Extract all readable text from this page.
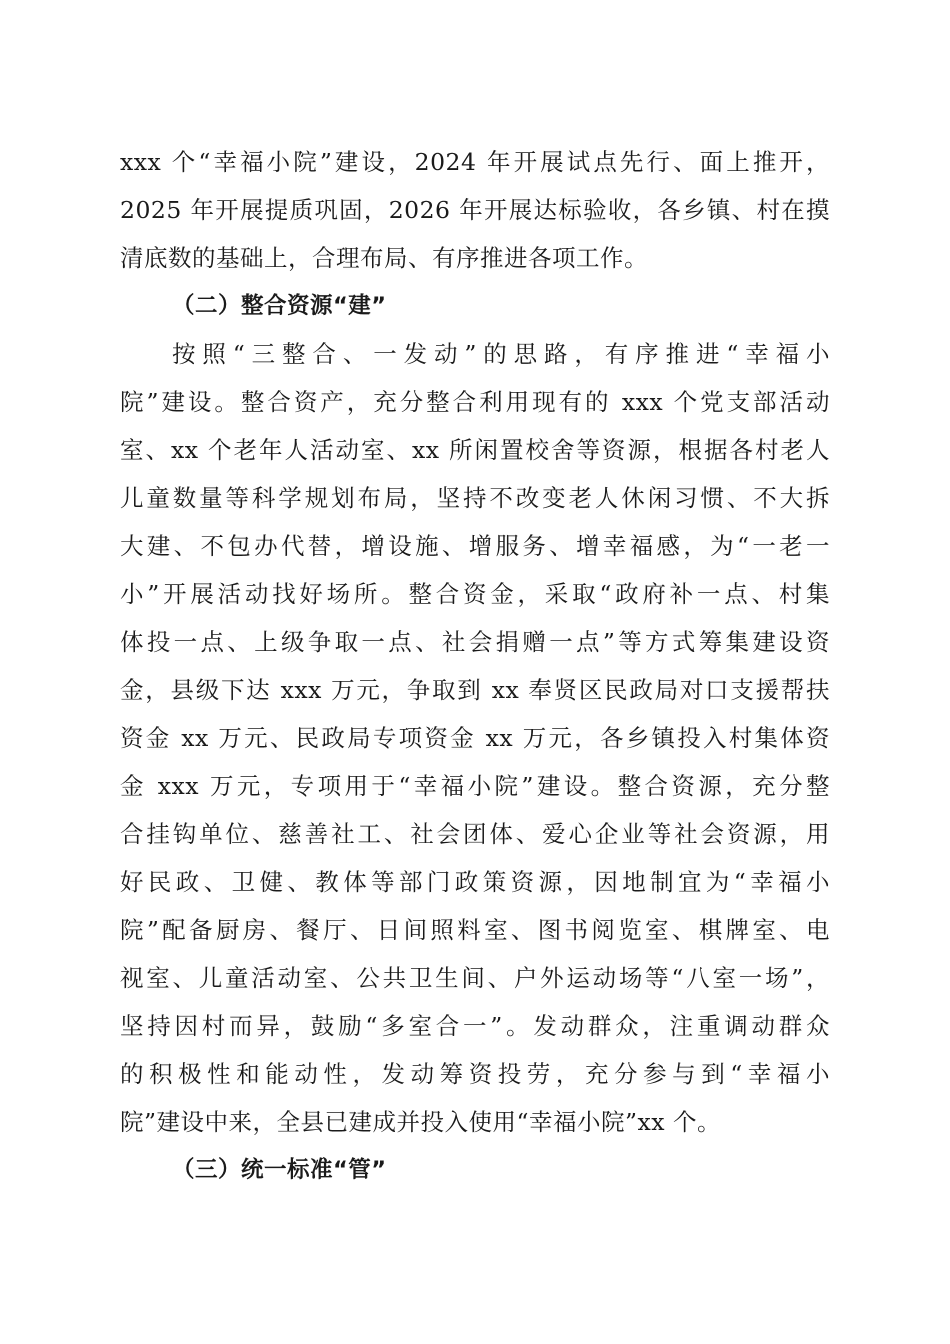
xxx 个“幸福小院”建设，2024 年开展试点先行、面上推开，
2025 年开展提质巩固，2026 年开展达标验收，各乡镇、村在摸
清底数的基础上，合理布局、有序推进各项工作。
（二）整合资源“建”
按照“三整合、一发动”的思路，有序推进“幸福小
院”建设。整合资产，充分整合利用现有的 xxx 个党支部活动
室、xx 个老年人活动室、xx 所闲置校舍等资源，根据各村老人
儿童数量等科学规划布局，坚持不改变老人休闲习惯、不大拆
大建、不包办代替，增设施、增服务、增幸福感，为“一老一
小”开展活动找好场所。整合资金，采取“政府补一点、村集
体投一点、上级争取一点、社会捐赠一点”等方式筹集建设资
金，县级下达 xxx 万元，争取到 xx 奉贤区民政局对口支援帮扶
资金 xx 万元、民政局专项资金 xx 万元，各乡镇投入村集体资
金 xxx 万元，专项用于“幸福小院”建设。整合资源，充分整
合挂钩单位、慈善社工、社会团体、爱心企业等社会资源，用
好民政、卫健、教体等部门政策资源，因地制宜为“幸福小
院”配备厨房、餐厅、日间照料室、图书阅览室、棋牌室、电
视室、儿童活动室、公共卫生间、户外运动场等“八室一场”，
坚持因村而异，鼓励“多室合一”。发动群众，注重调动群众
的积极性和能动性，发动筹资投劳，充分参与到“幸福小
院”建设中来，全县已建成并投入使用“幸福小院”xx 个。
（三）统一标准“管”
